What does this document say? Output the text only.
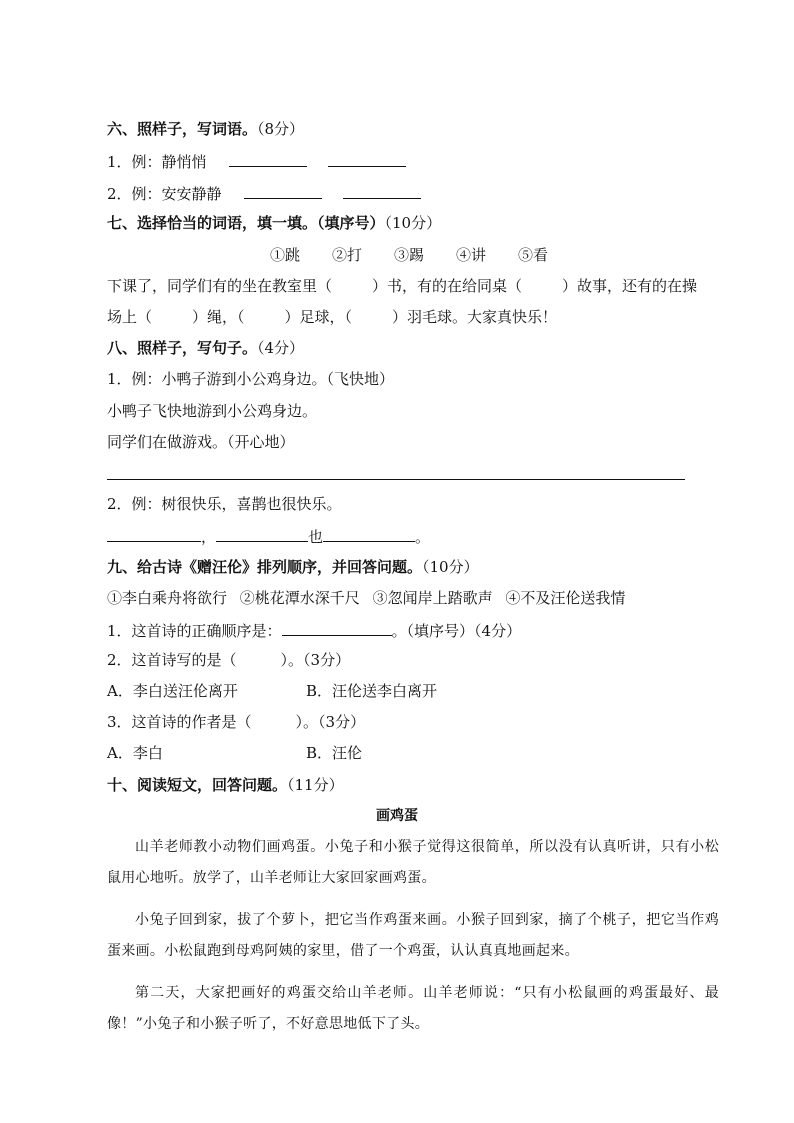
六、照样子，写词语。（8分）
1．例：静悄悄
2．例：安安静静
七、选择恰当的词语，填一填。（填序号）（10分）
①跳 ②打 ③踢 ④讲 ⑤看
下课了，同学们有的坐在教室里（	）书，有的在给同桌（	）故事，还有的在操
场上（	）绳，（	）足球，（	）羽毛球。大家真快乐！
八、照样子，写句子。（4分）
1．例：小鸭子游到小公鸡身边。（飞快地）
小鸭子飞快地游到小公鸡身边。
同学们在做游戏。（开心地）
2．例：树很快乐，喜鹊也很快乐。
，	也	。
九、给古诗《赠汪伦》排列顺序，并回答问题。（10分）
①李白乘舟将欲行 ②桃花潭水深千尺 ③忽闻岸上踏歌声 ④不及汪伦送我情
1．这首诗的正确顺序是：	。（填序号）（4分）
2．这首诗写的是（	）。（3分）
A．李白送汪伦离开	B．汪伦送李白离开
3．这首诗的作者是（	）。（3分）
A．李白	B．汪伦
十、阅读短文，回答问题。（11分）
画鸡蛋

山羊老师教小动物们画鸡蛋。小兔子和小猴子觉得这很简单，所以没有认真听讲，只有小松鼠用心地听。放学了，山羊老师让大家回家画鸡蛋。

小兔子回到家，拔了个萝卜，把它当作鸡蛋来画。小猴子回到家，摘了个桃子，把它当作鸡蛋来画。小松鼠跑到母鸡阿姨的家里，借了一个鸡蛋，认认真真地画起来。

第二天，大家把画好的鸡蛋交给山羊老师。山羊老师说：“只有小松鼠画的鸡蛋最好、最像！”小兔子和小猴子听了，不好意思地低下了头。
